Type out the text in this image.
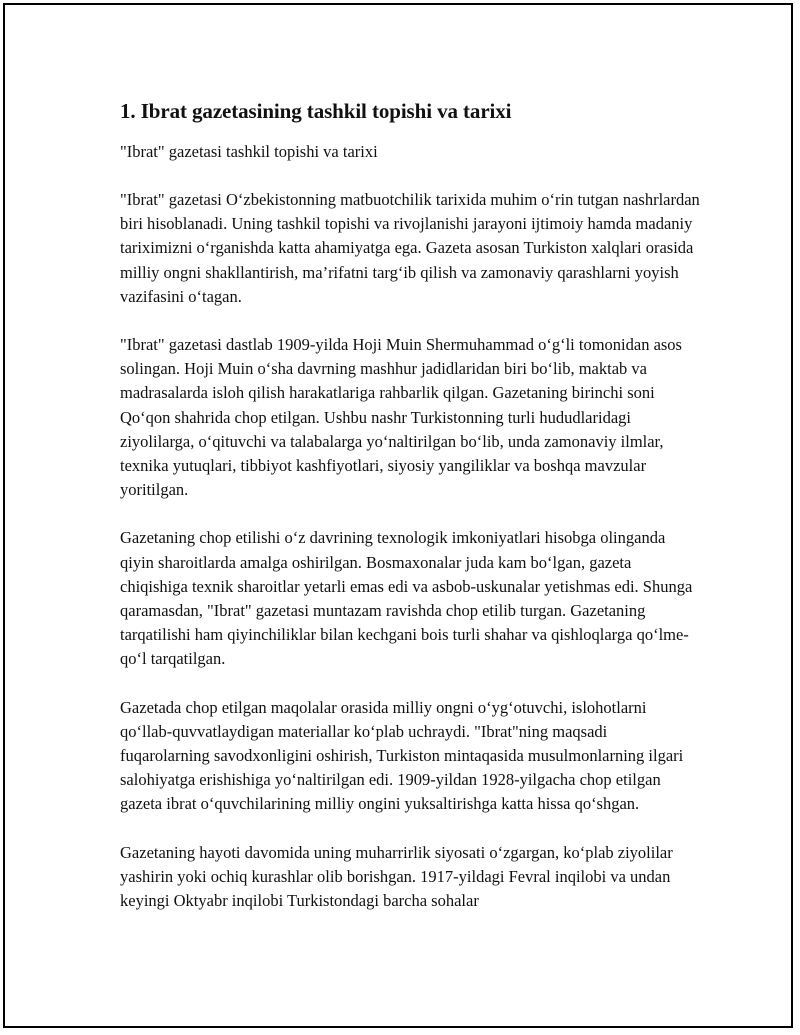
1. Ibrat gazetasining tashkil topishi va tarixi

"Ibrat" gazetasi tashkil topishi va tarixi

"Ibrat" gazetasi O‘zbekistonning matbuotchilik tarixida muhim o‘rin tutgan nashrlardan biri hisoblanadi. Uning tashkil topishi va rivojlanishi jarayoni ijtimoiy hamda madaniy tariximizni o‘rganishda katta ahamiyatga ega. Gazeta asosan Turkiston xalqlari orasida milliy ongni shakllantirish, ma’rifatni targ‘ib qilish va zamonaviy qarashlarni yoyish vazifasini o‘tagan.

"Ibrat" gazetasi dastlab 1909-yilda Hoji Muin Shermuhammad o‘g‘li tomonidan asos solingan. Hoji Muin o‘sha davrning mashhur jadidlaridan biri bo‘lib, maktab va madrasalarda isloh qilish harakatlariga rahbarlik qilgan. Gazetaning birinchi soni Qo‘qon shahrida chop etilgan. Ushbu nashr Turkistonning turli hududlaridagi ziyolilarga, o‘qituvchi va talabalarga yo‘naltirilgan bo‘lib, unda zamonaviy ilmlar, texnika yutuqlari, tibbiyot kashfiyotlari, siyosiy yangiliklar va boshqa mavzular yoritilgan.

Gazetaning chop etilishi o‘z davrining texnologik imkoniyatlari hisobga olinganda qiyin sharoitlarda amalga oshirilgan. Bosmaxonalar juda kam bo‘lgan, gazeta chiqishiga texnik sharoitlar yetarli emas edi va asbob-uskunalar yetishmas edi. Shunga qaramasdan, "Ibrat" gazetasi muntazam ravishda chop etilib turgan. Gazetaning tarqatilishi ham qiyinchiliklar bilan kechgani bois turli shahar va qishloqlarga qo‘lme-qo‘l tarqatilgan.

Gazetada chop etilgan maqolalar orasida milliy ongni o‘yg‘otuvchi, islohotlarni qo‘llab-quvvatlaydigan materiallar ko‘plab uchraydi. "Ibrat"ning maqsadi fuqarolarning savodxonligini oshirish, Turkiston mintaqasida musulmonlarning ilgari salohiyatga erishishiga yo‘naltirilgan edi. 1909-yildan 1928-yilgacha chop etilgan gazeta ibrat o‘quvchilarining milliy ongini yuksaltirishga katta hissa qo‘shgan.

Gazetaning hayoti davomida uning muharrirlik siyosati o‘zgargan, ko‘plab ziyolilar yashirin yoki ochiq kurashlar olib borishgan. 1917-yildagi Fevral inqilobi va undan keyingi Oktyabr inqilobi Turkistondagi barcha sohalar
